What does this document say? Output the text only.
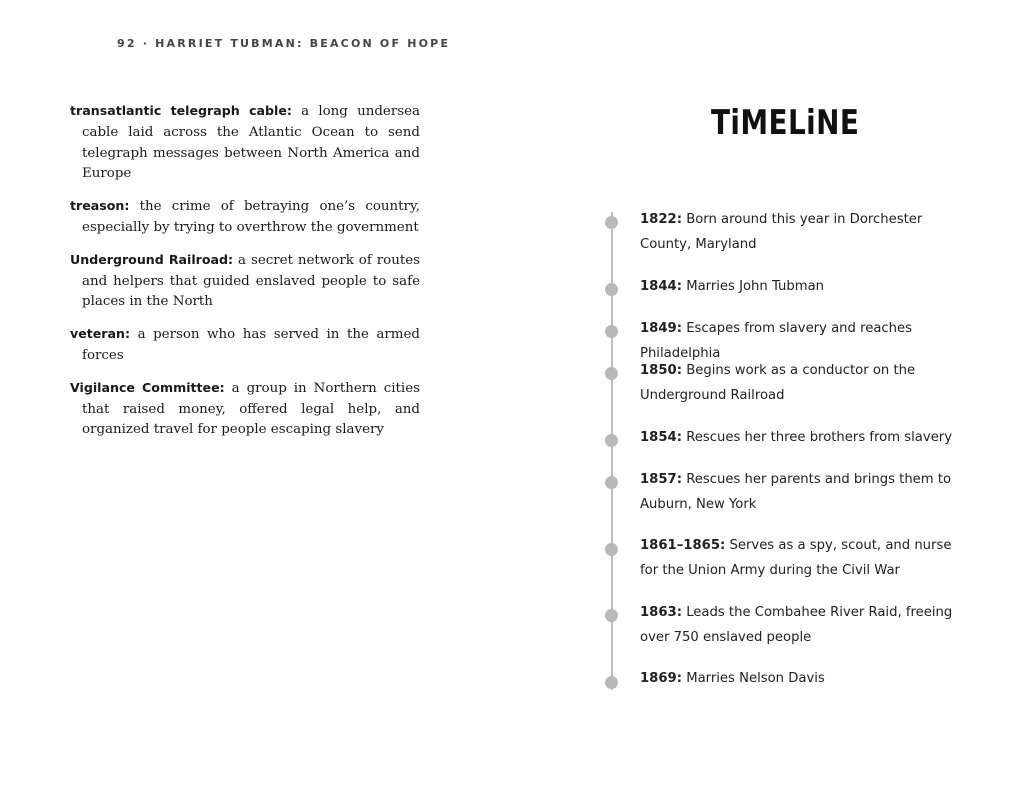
92 · HARRIET TUBMAN: BEACON OF HOPE

transatlantic telegraph cable: a long undersea cable laid across the Atlantic Ocean to send telegraph messages between North America and Europe

treason: the crime of betraying one’s country, especially by trying to overthrow the government

Underground Railroad: a secret network of routes and helpers that guided enslaved people to safe places in the North

veteran: a person who has served in the armed forces

Vigilance Committee: a group in Northern cities that raised money, offered legal help, and organized travel for people escaping slavery

TiMELiNE
1822: Born around this year in Dorchester County, Maryland
1844: Marries John Tubman
1849: Escapes from slavery and reaches Philadelphia
1850: Begins work as a conductor on the Underground Railroad
1854: Rescues her three brothers from slavery
1857: Rescues her parents and brings them to Auburn, New York
1861–1865: Serves as a spy, scout, and nurse for the Union Army during the Civil War
1863: Leads the Combahee River Raid, freeing over 750 enslaved people
1869: Marries Nelson Davis
